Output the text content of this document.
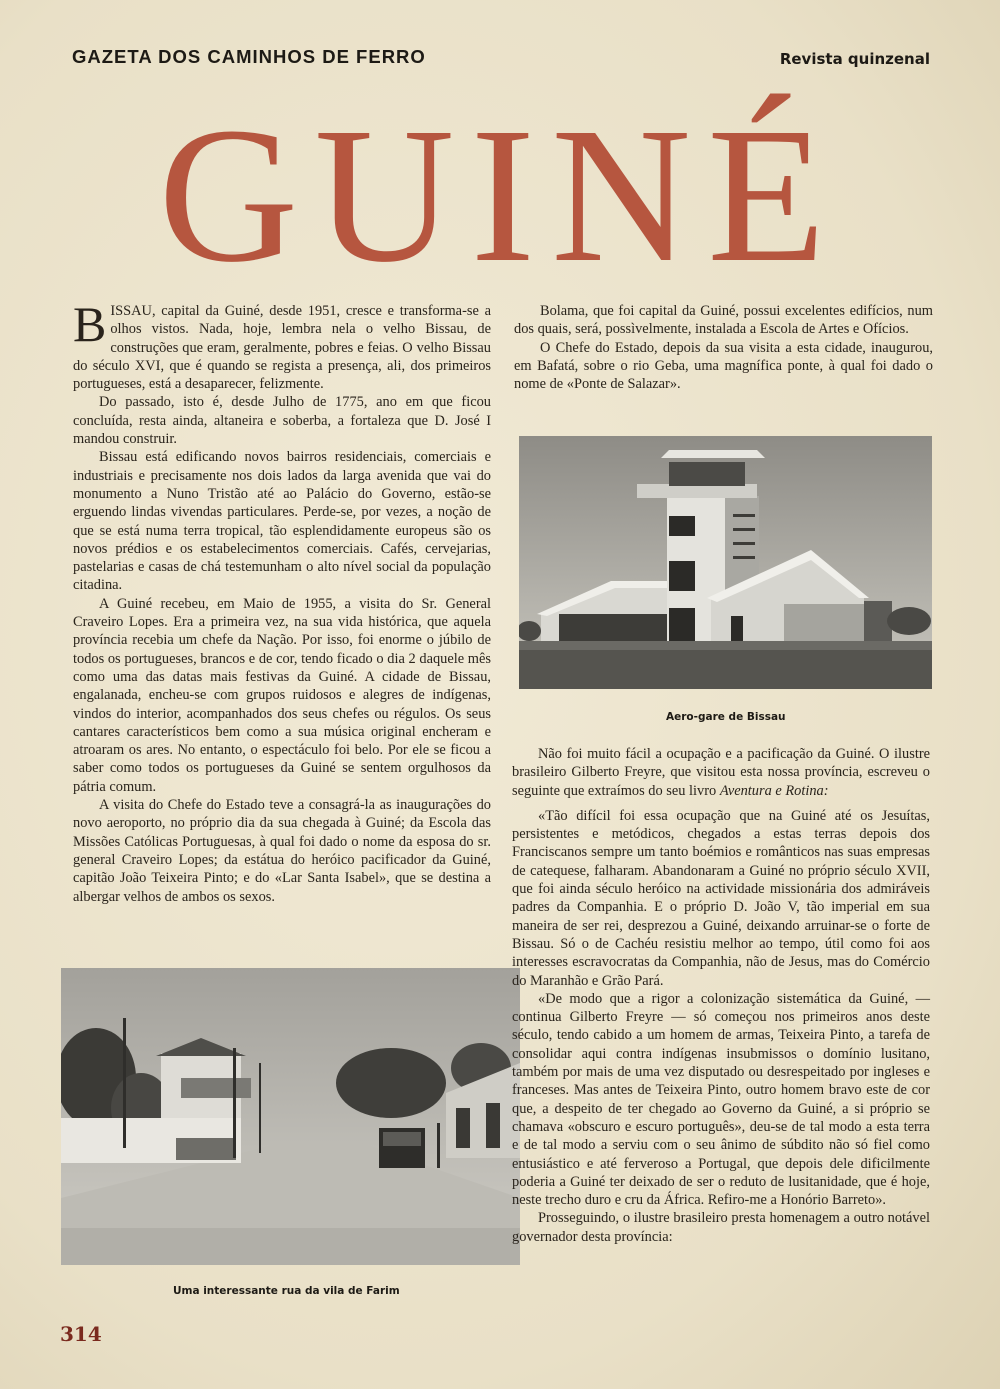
GAZETA DOS CAMINHOS DE FERRO	Revista quinzenal
GUINÉ

BISSAU, capital da Guiné, desde 1951, cresce e transforma-se a olhos vistos. Nada, hoje, lembra nela o velho Bissau, de construções que eram, geralmente, pobres e feias. O velho Bissau do século XVI, que é quando se regista a presença, ali, dos primeiros portugueses, está a desaparecer, felizmente.

Do passado, isto é, desde Julho de 1775, ano em que ficou concluída, resta ainda, altaneira e soberba, a fortaleza que D. José I mandou construir.

Bissau está edificando novos bairros residenciais, comerciais e industriais e precisamente nos dois lados da larga avenida que vai do monumento a Nuno Tristão até ao Palácio do Governo, estão-se erguendo lindas vivendas particulares. Perde-se, por vezes, a noção de que se está numa terra tropical, tão esplendidamente europeus são os novos prédios e os estabelecimentos comerciais. Cafés, cervejarias, pastelarias e casas de chá testemunham o alto nível social da população citadina.

A Guiné recebeu, em Maio de 1955, a visita do Sr. General Craveiro Lopes. Era a primeira vez, na sua vida histórica, que aquela província recebia um chefe da Nação. Por isso, foi enorme o júbilo de todos os portugueses, brancos e de cor, tendo ficado o dia 2 daquele mês como uma das datas mais festivas da Guiné. A cidade de Bissau, engalanada, encheu-se com grupos ruidosos e alegres de indígenas, vindos do interior, acompanhados dos seus chefes ou régulos. Os seus cantares característicos bem como a sua música original encheram e atroaram os ares. No entanto, o espectáculo foi belo. Por ele se ficou a saber como todos os portugueses da Guiné se sentem orgulhosos da pátria comum.

A visita do Chefe do Estado teve a consagrá-la as inaugurações do novo aeroporto, no próprio dia da sua chegada à Guiné; da Escola das Missões Católicas Portuguesas, à qual foi dado o nome da esposa do sr. general Craveiro Lopes; da estátua do heróico pacificador da Guiné, capitão João Teixeira Pinto; e do «Lar Santa Isabel», que se destina a albergar velhos de ambos os sexos.

Bolama, que foi capital da Guiné, possui excelentes edifícios, num dos quais, será, possìvelmente, instalada a Escola de Artes e Ofícios.

O Chefe do Estado, depois da sua visita a esta cidade, inaugurou, em Bafatá, sobre o rio Geba, uma magnífica ponte, à qual foi dado o nome de «Ponte de Salazar».

Aero-gare de Bissau
Uma interessante rua da vila de Farim

Não foi muito fácil a ocupação e a pacificação da Guiné. O ilustre brasileiro Gilberto Freyre, que visitou esta nossa província, escreveu o seguinte que extraímos do seu livro Aventura e Rotina:

«Tão difícil foi essa ocupação que na Guiné até os Jesuítas, persistentes e metódicos, chegados a estas terras depois dos Franciscanos sempre um tanto boémios e românticos nas suas empresas de catequese, falharam. Abandonaram a Guiné no próprio século XVII, que foi ainda século heróico na actividade missionária dos admiráveis padres da Companhia. E o próprio D. João V, tão imperial em sua maneira de ser rei, desprezou a Guiné, deixando arruinar-se o forte de Bissau. Só o de Cachéu resistiu melhor ao tempo, útil como foi aos interesses escravocratas da Companhia, não de Jesus, mas do Comércio do Maranhão e Grão Pará.

«De modo que a rigor a colonização sistemática da Guiné, — continua Gilberto Freyre — só começou nos primeiros anos deste século, tendo cabido a um homem de armas, Teixeira Pinto, a tarefa de consolidar aqui contra indígenas insubmissos o domínio lusitano, também por mais de uma vez disputado ou desrespeitado por ingleses e franceses. Mas antes de Teixeira Pinto, outro homem bravo este de cor que, a despeito de ter chegado ao Governo da Guiné, a si próprio se chamava «obscuro e escuro português», deu-se de tal modo a esta terra e de tal modo a serviu com o seu ânimo de súbdito não só fiel como entusiástico e até ferveroso a Portugal, que depois dele dificilmente poderia a Guiné ter deixado de ser o reduto de lusitanidade, que é hoje, neste trecho duro e cru da África. Refiro-me a Honório Barreto».

Prosseguindo, o ilustre brasileiro presta homenagem a outro notável governador desta província:

314
